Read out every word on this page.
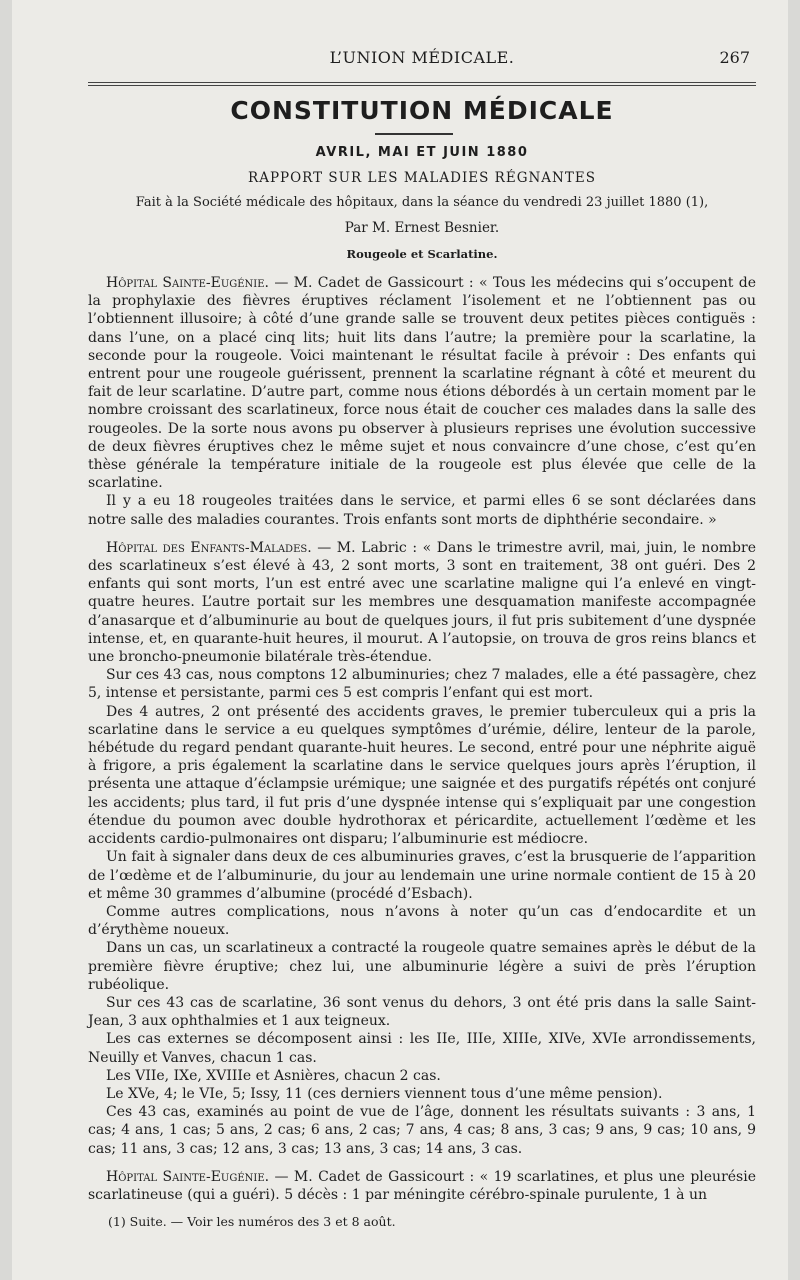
L’UNION MÉDICALE.	267
CONSTITUTION MÉDICALE
AVRIL, MAI ET JUIN 1880
RAPPORT SUR LES MALADIES RÉGNANTES
Fait à la Société médicale des hôpitaux, dans la séance du vendredi 23 juillet 1880 (1),
Par M. Ernest Besnier.
Rougeole et Scarlatine.

Hôpital Sainte-Eugénie. — M. Cadet de Gassicourt : « Tous les médecins qui s’occupent de la prophylaxie des fièvres éruptives réclament l’isolement et ne l’obtiennent pas ou l’obtiennent illusoire; à côté d’une grande salle se trouvent deux petites pièces contiguës : dans l’une, on a placé cinq lits; huit lits dans l’autre; la première pour la scarlatine, la seconde pour la rougeole. Voici maintenant le résultat facile à prévoir : Des enfants qui entrent pour une rougeole guérissent, prennent la scarlatine régnant à côté et meurent du fait de leur scarlatine. D’autre part, comme nous étions débordés à un certain moment par le nombre croissant des scarlatineux, force nous était de coucher ces malades dans la salle des rougeoles. De la sorte nous avons pu observer à plusieurs reprises une évolution successive de deux fièvres éruptives chez le même sujet et nous convaincre d’une chose, c’est qu’en thèse générale la température initiale de la rougeole est plus élevée que celle de la scarlatine.

Il y a eu 18 rougeoles traitées dans le service, et parmi elles 6 se sont déclarées dans notre salle des maladies courantes. Trois enfants sont morts de diphthérie secondaire. »

Hôpital des Enfants-Malades. — M. Labric : « Dans le trimestre avril, mai, juin, le nombre des scarlatineux s’est élevé à 43, 2 sont morts, 3 sont en traitement, 38 ont guéri. Des 2 enfants qui sont morts, l’un est entré avec une scarlatine maligne qui l’a enlevé en vingt-quatre heures. L’autre portait sur les membres une desquamation manifeste accompagnée d’anasarque et d’albuminurie au bout de quelques jours, il fut pris subitement d’une dyspnée intense, et, en quarante-huit heures, il mourut. A l’autopsie, on trouva de gros reins blancs et une broncho-pneumonie bilatérale très-étendue.

Sur ces 43 cas, nous comptons 12 albuminuries; chez 7 malades, elle a été passagère, chez 5, intense et persistante, parmi ces 5 est compris l’enfant qui est mort.

Des 4 autres, 2 ont présenté des accidents graves, le premier tuberculeux qui a pris la scarlatine dans le service a eu quelques symptômes d’urémie, délire, lenteur de la parole, hébétude du regard pendant quarante-huit heures. Le second, entré pour une néphrite aiguë à frigore, a pris également la scarlatine dans le service quelques jours après l’éruption, il présenta une attaque d’éclampsie urémique; une saignée et des purgatifs répétés ont conjuré les accidents; plus tard, il fut pris d’une dyspnée intense qui s’expliquait par une congestion étendue du poumon avec double hydrothorax et péricardite, actuellement l’œdème et les accidents cardio-pulmonaires ont disparu; l’albuminurie est médiocre.

Un fait à signaler dans deux de ces albuminuries graves, c’est la brusquerie de l’apparition de l’œdème et de l’albuminurie, du jour au lendemain une urine normale contient de 15 à 20 et même 30 grammes d’albumine (procédé d’Esbach).

Comme autres complications, nous n’avons à noter qu’un cas d’endocardite et un d’érythème noueux.

Dans un cas, un scarlatineux a contracté la rougeole quatre semaines après le début de la première fièvre éruptive; chez lui, une albuminurie légère a suivi de près l’éruption rubéolique.

Sur ces 43 cas de scarlatine, 36 sont venus du dehors, 3 ont été pris dans la salle Saint-Jean, 3 aux ophthalmies et 1 aux teigneux.

Les cas externes se décomposent ainsi : les IIe, IIIe, XIIIe, XIVe, XVIe arrondissements, Neuilly et Vanves, chacun 1 cas.

Les VIIe, IXe, XVIIIe et Asnières, chacun 2 cas.

Le XVe, 4; le VIe, 5; Issy, 11 (ces derniers viennent tous d’une même pension).

Ces 43 cas, examinés au point de vue de l’âge, donnent les résultats suivants : 3 ans, 1 cas; 4 ans, 1 cas; 5 ans, 2 cas; 6 ans, 2 cas; 7 ans, 4 cas; 8 ans, 3 cas; 9 ans, 9 cas; 10 ans, 9 cas; 11 ans, 3 cas; 12 ans, 3 cas; 13 ans, 3 cas; 14 ans, 3 cas.

Hôpital Sainte-Eugénie. — M. Cadet de Gassicourt : « 19 scarlatines, et plus une pleurésie scarlatineuse (qui a guéri). 5 décès : 1 par méningite cérébro-spinale purulente, 1 à un

(1) Suite. — Voir les numéros des 3 et 8 août.
